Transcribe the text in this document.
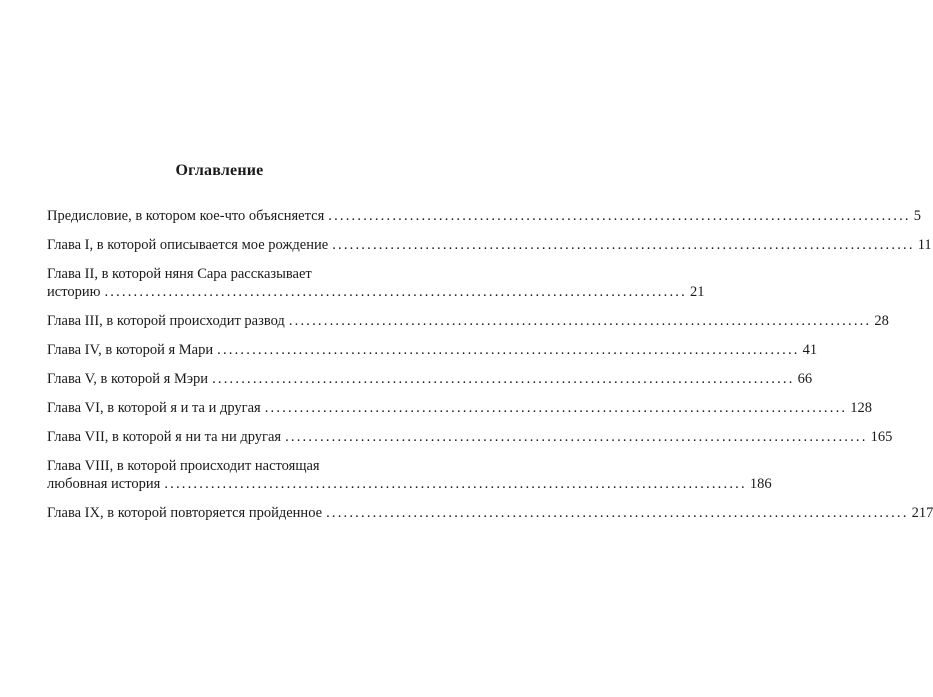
Оглавление
Предисловие, в котором кое-что объясняется .................................................................................................... 5
Глава I, в которой описывается мое рождение .................................................................................................... 11
Глава II, в которой няня Сара рассказывает
историю .................................................................................................... 21
Глава III, в которой происходит развод .................................................................................................... 28
Глава IV, в которой я Мари .................................................................................................... 41
Глава V, в которой я Мэри .................................................................................................... 66
Глава VI, в которой я и та и другая .................................................................................................... 128
Глава VII, в которой я ни та ни другая .................................................................................................... 165
Глава VIII, в которой происходит настоящая
любовная история .................................................................................................... 186
Глава IX, в которой повторяется пройденное .................................................................................................... 217
